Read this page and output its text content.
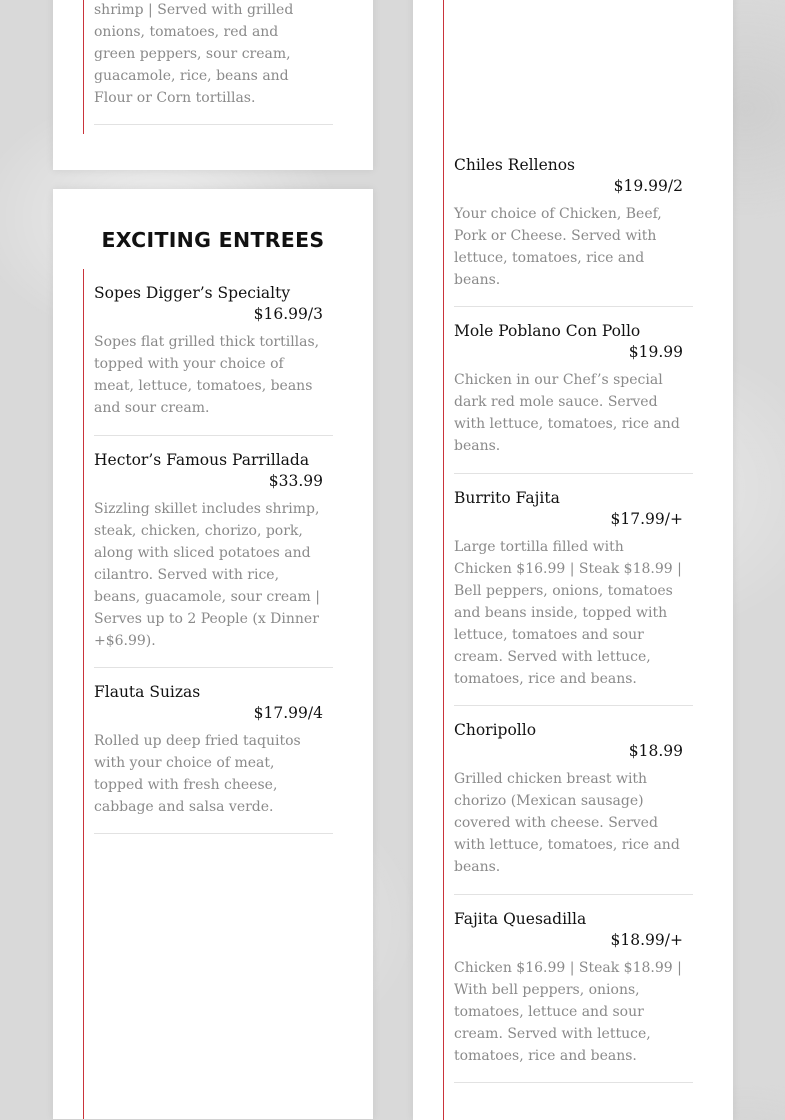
shrimp | Served with grilled
onions, tomatoes, red and
green peppers, sour cream,
guacamole, rice, beans and
Flour or Corn tortillas.
EXCITING ENTREES
Sopes Digger’s Specialty
$16.99/3
Sopes flat grilled thick tortillas, topped with your choice of meat, lettuce, tomatoes, beans and sour cream.
Hector’s Famous Parrillada
$33.99
Sizzling skillet includes shrimp, steak, chicken, chorizo, pork, along with sliced potatoes and cilantro. Served with rice, beans, guacamole, sour cream | Serves up to 2 People (x Dinner +$6.99).
Flauta Suizas
$17.99/4
Rolled up deep fried taquitos with your choice of meat, topped with fresh cheese, cabbage and salsa verde.
Chiles Rellenos
$19.99/2
Your choice of Chicken, Beef, Pork or Cheese. Served with lettuce, tomatoes, rice and beans.
Mole Poblano Con Pollo
$19.99
Chicken in our Chef’s special dark red mole sauce. Served with lettuce, tomatoes, rice and beans.
Burrito Fajita
$17.99/+
Large tortilla filled with Chicken $16.99 | Steak $18.99 | Bell peppers, onions, tomatoes and beans inside, topped with lettuce, tomatoes and sour cream. Served with lettuce, tomatoes, rice and beans.
Choripollo
$18.99
Grilled chicken breast with chorizo (Mexican sausage) covered with cheese. Served with lettuce, tomatoes, rice and beans.
Fajita Quesadilla
$18.99/+
Chicken $16.99 | Steak $18.99 | With bell peppers, onions, tomatoes, lettuce and sour cream. Served with lettuce, tomatoes, rice and beans.
